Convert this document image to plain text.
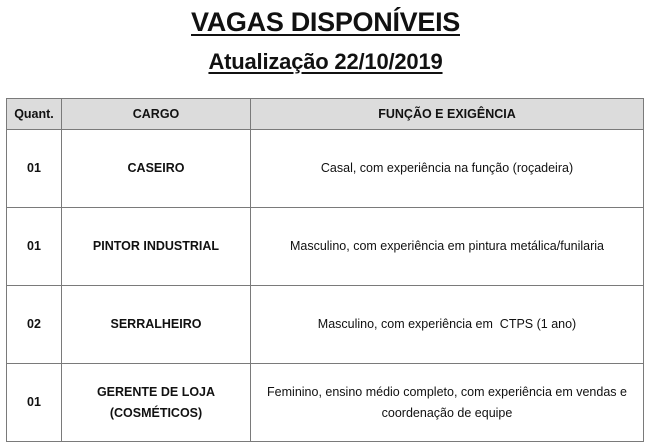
VAGAS DISPONÍVEIS
Atualização 22/10/2019
Quant.	CARGO	FUNÇÃO E EXIGÊNCIA
01	CASEIRO	Casal, com experiência na função (roçadeira)
01	PINTOR INDUSTRIAL	Masculino, com experiência em pintura metálica/funilaria
02	SERRALHEIRO	Masculino, com experiência em  CTPS (1 ano)
01	GERENTE DE LOJA (COSMÉTICOS)	Feminino, ensino médio completo, com experiência em vendas e coordenação de equipe
